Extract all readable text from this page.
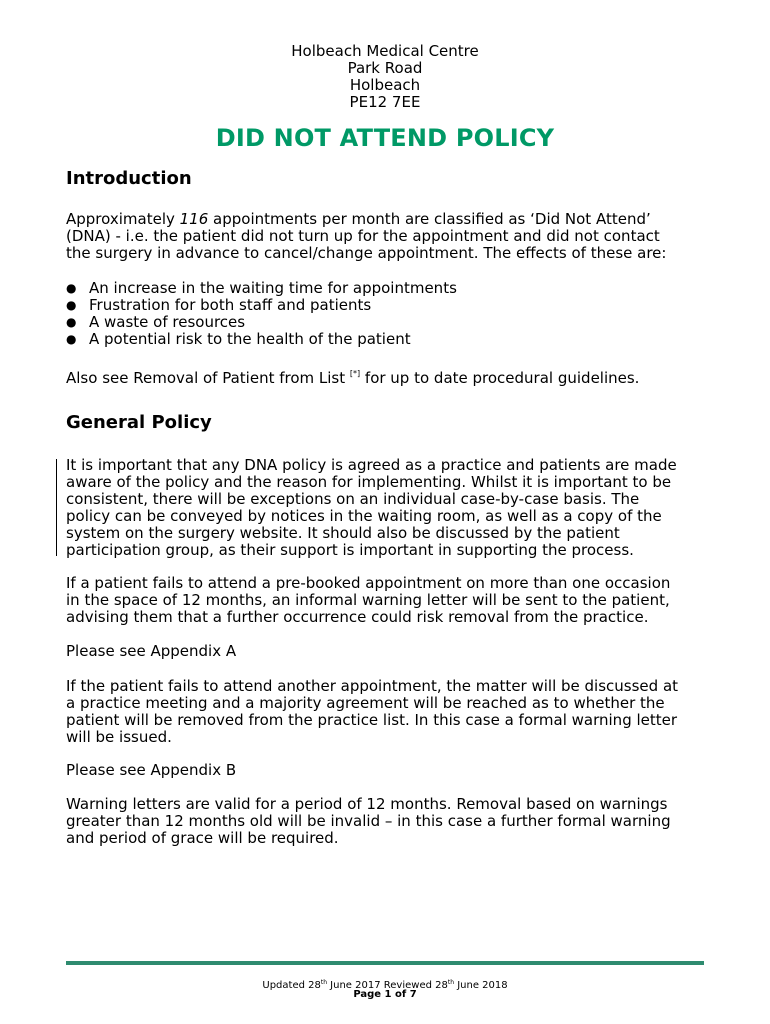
Holbeach Medical Centre
Park Road
Holbeach
PE12 7EE
DID NOT ATTEND POLICY
Introduction
Approximately 116 appointments per month are classified as ‘Did Not Attend’
(DNA) - i.e. the patient did not turn up for the appointment and did not contact
the surgery in advance to cancel/change appointment. The effects of these are:
● An increase in the waiting time for appointments
● Frustration for both staff and patients
● A waste of resources
● A potential risk to the health of the patient
Also see Removal of Patient from List [*] for up to date procedural guidelines.
General Policy
It is important that any DNA policy is agreed as a practice and patients are made
aware of the policy and the reason for implementing. Whilst it is important to be
consistent, there will be exceptions on an individual case-by-case basis. The
policy can be conveyed by notices in the waiting room, as well as a copy of the
system on the surgery website. It should also be discussed by the patient
participation group, as their support is important in supporting the process.
If a patient fails to attend a pre-booked appointment on more than one occasion
in the space of 12 months, an informal warning letter will be sent to the patient,
advising them that a further occurrence could risk removal from the practice.
Please see Appendix A
If the patient fails to attend another appointment, the matter will be discussed at
a practice meeting and a majority agreement will be reached as to whether the
patient will be removed from the practice list. In this case a formal warning letter
will be issued.
Please see Appendix B
Warning letters are valid for a period of 12 months. Removal based on warnings
greater than 12 months old will be invalid – in this case a further formal warning
and period of grace will be required.
Updated 28th June 2017 Reviewed 28th June 2018
Page 1 of 7
